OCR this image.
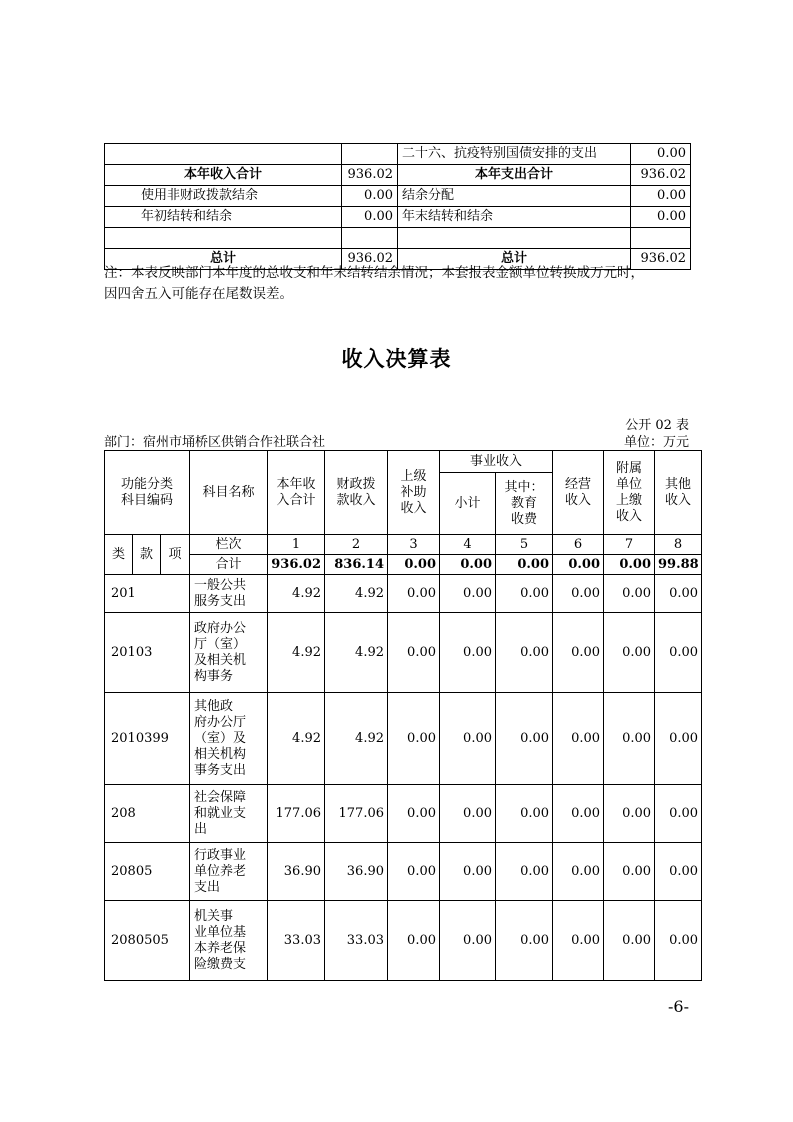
		二十六、抗疫特别国债安排的支出	0.00
本年收入合计	936.02	本年支出合计	936.02
使用非财政拨款结余	0.00	结余分配	0.00
年初结转和结余	0.00	年末结转和结余	0.00

总计	936.02	总计	936.02
注：本表反映部门本年度的总收支和年末结转结余情况；本套报表金额单位转换成万元时，
因四舍五入可能存在尾数误差。
收入决算表
公开 02 表
部门：宿州市埇桥区供销合作社联合社	单位：万元
功能分类
科目编码			科目名称	本年收
入合计	财政拨
款收入	上级
补助
收入	事业收入		经营
收入	附属
单位
上缴
收入	其他
收入
							小计	其中：
教育
收费			

类	款	项	栏次	1	2	3	4	5	6	7	8
			合计	936.02	836.14	0.00	0.00	0.00	0.00	0.00	99.88
201			一般公共
服务支出	4.92	4.92	0.00	0.00	0.00	0.00	0.00	0.00
20103			政府办公
厅（室）
及相关机
构事务	4.92	4.92	0.00	0.00	0.00	0.00	0.00	0.00
2010399			其他政
府办公厅
（室）及
相关机构
事务支出	4.92	4.92	0.00	0.00	0.00	0.00	0.00	0.00
208			社会保障
和就业支
出	177.06	177.06	0.00	0.00	0.00	0.00	0.00	0.00
20805			行政事业
单位养老
支出	36.90	36.90	0.00	0.00	0.00	0.00	0.00	0.00
2080505			机关事
业单位基
本养老保
险缴费支	33.03	33.03	0.00	0.00	0.00	0.00	0.00	0.00
-6-
